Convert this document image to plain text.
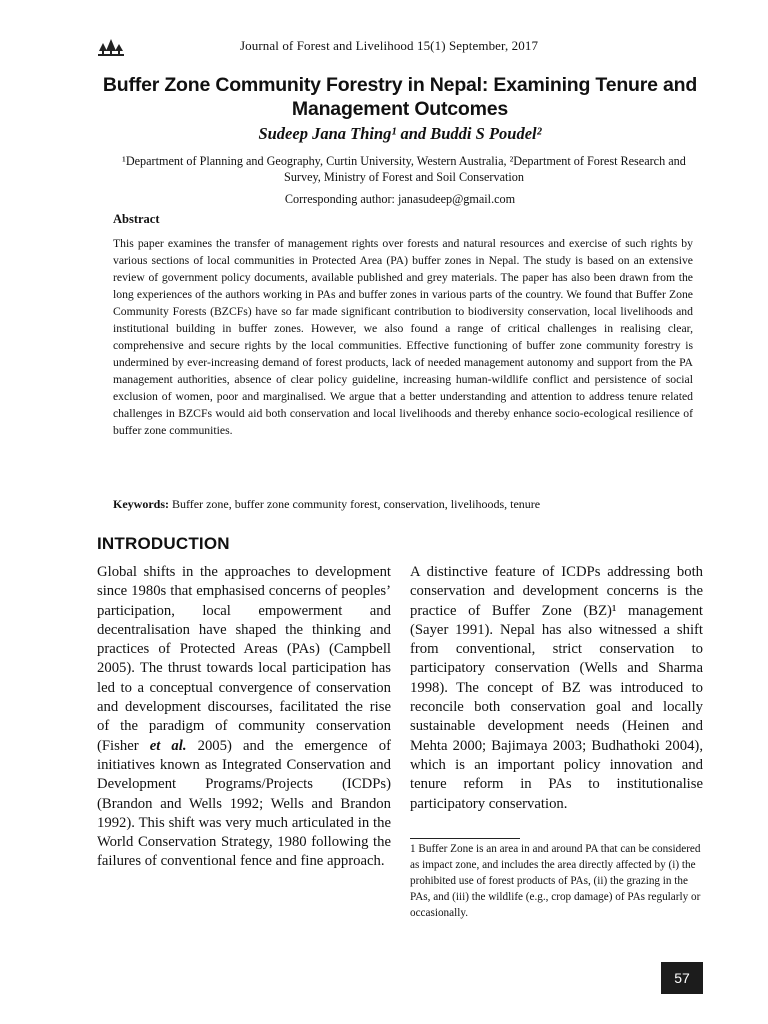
Journal of Forest and Livelihood 15(1) September, 2017
Buffer Zone Community Forestry in Nepal: Examining Tenure and Management Outcomes
Sudeep Jana Thing¹ and Buddi S Poudel²
¹Department of Planning and Geography, Curtin University, Western Australia, ²Department of Forest Research and Survey, Ministry of Forest and Soil Conservation
Corresponding author: janasudeep@gmail.com
Abstract

This paper examines the transfer of management rights over forests and natural resources and exercise of such rights by various sections of local communities in Protected Area (PA) buffer zones in Nepal. The study is based on an extensive review of government policy documents, available published and grey materials. The paper has also been drawn from the long experiences of the authors working in PAs and buffer zones in various parts of the country. We found that Buffer Zone Community Forests (BZCFs) have so far made significant contribution to biodiversity conservation, local livelihoods and institutional building in buffer zones. However, we also found a range of critical challenges in realising clear, comprehensive and secure rights by the local communities. Effective functioning of buffer zone community forestry is undermined by ever-increasing demand of forest products, lack of needed management autonomy and support from the PA management authorities, absence of clear policy guideline, increasing human-wildlife conflict and persistence of social exclusion of women, poor and marginalised. We argue that a better understanding and attention to address tenure related challenges in BZCFs would aid both conservation and local livelihoods and thereby enhance socio-ecological resilience of buffer zone communities.

Keywords: Buffer zone, buffer zone community forest, conservation, livelihoods, tenure
INTRODUCTION

Global shifts in the approaches to development since 1980s that emphasised concerns of peoples’ participation, local empowerment and decentralisation have shaped the thinking and practices of Protected Areas (PAs) (Campbell 2005). The thrust towards local participation has led to a conceptual convergence of conservation and development discourses, facilitated the rise of the paradigm of community conservation (Fisher et al. 2005) and the emergence of initiatives known as Integrated Conservation and Development Programs/Projects (ICDPs) (Brandon and Wells 1992; Wells and Brandon 1992). This shift was very much articulated in the World Conservation Strategy, 1980 following the failures of conventional fence and fine approach.

A distinctive feature of ICDPs addressing both conservation and development concerns is the practice of Buffer Zone (BZ)¹ management (Sayer 1991). Nepal has also witnessed a shift from conventional, strict conservation to participatory conservation (Wells and Sharma 1998). The concept of BZ was introduced to reconcile both conservation goal and locally sustainable development needs (Heinen and Mehta 2000; Bajimaya 2003; Budhathoki 2004), which is an important policy innovation and tenure reform in PAs to institutionalise participatory conservation.

1 Buffer Zone is an area in and around PA that can be considered as impact zone, and includes the area directly affected by (i) the prohibited use of forest products of PAs, (ii) the grazing in the PAs, and (iii) the wildlife (e.g., crop damage) of PAs regularly or occasionally.

57
